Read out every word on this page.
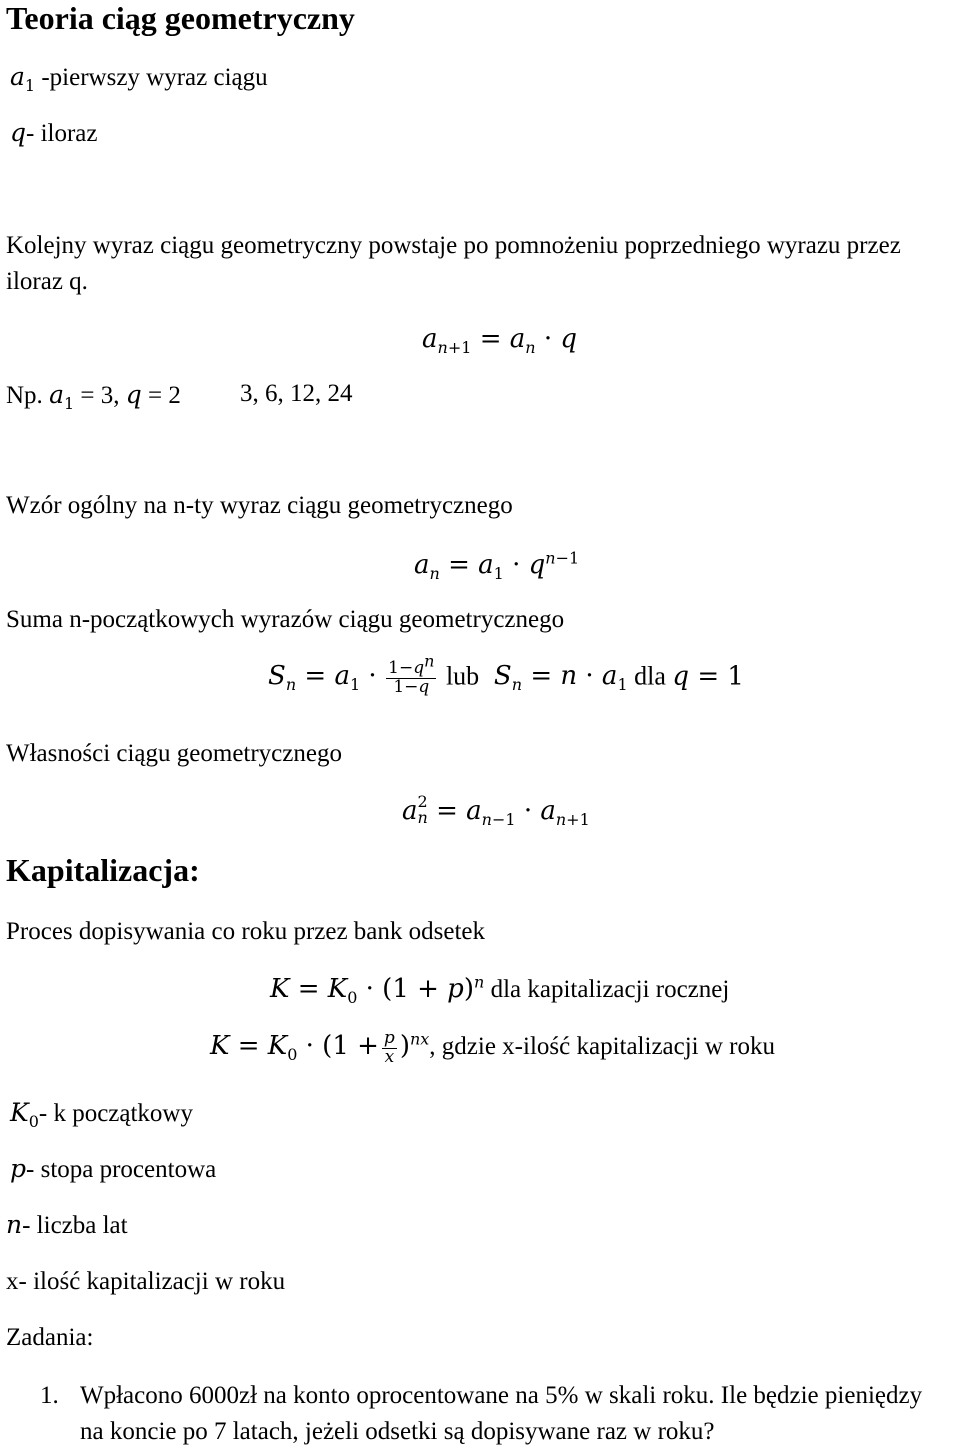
Teoria ciąg geometryczny
$a_1$ -pierwszy wyraz ciągu
q- iloraz
Kolejny wyraz ciągu geometryczny powstaje po pomnożeniu poprzedniego wyrazu przez iloraz q.
$a_{n+1} = a_n \cdot q$
Np. $a_1 = 3$, q = 2 3, 6, 12, 24
Wzór ogólny na n-ty wyraz ciągu geometrycznego
$a_n = a_1 \cdot q^{n-1}$
Suma n-początkowych wyrazów ciągu geometrycznego
$S_n = a_1 \cdot \frac{1-q^n}{1-q}$ lub  $S_n = n \cdot a_1$ dla q = 1
Własności ciągu geometrycznego
a 2
$n = a_{n-1} \cdot a_{n+1}$
Kapitalizacja:
Proces dopisywania co roku przez bank odsetek
$K = K_0 \cdot (1 + p)^n$ dla kapitalizacji rocznej
$K = K_0 \cdot (1 + \frac{p}{x} )^{nx}$, gdzie x-ilość kapitalizacji w roku
$K_0-$ k początkowy
p- stopa procentowa
n- liczba lat
x- ilość kapitalizacji w roku
Zadania:
1. Wpłacono 6000zł na konto oprocentowane na 5% w skali roku. Ile będzie pieniędzy na koncie po 7 latach, jeżeli odsetki są dopisywane raz w roku?
